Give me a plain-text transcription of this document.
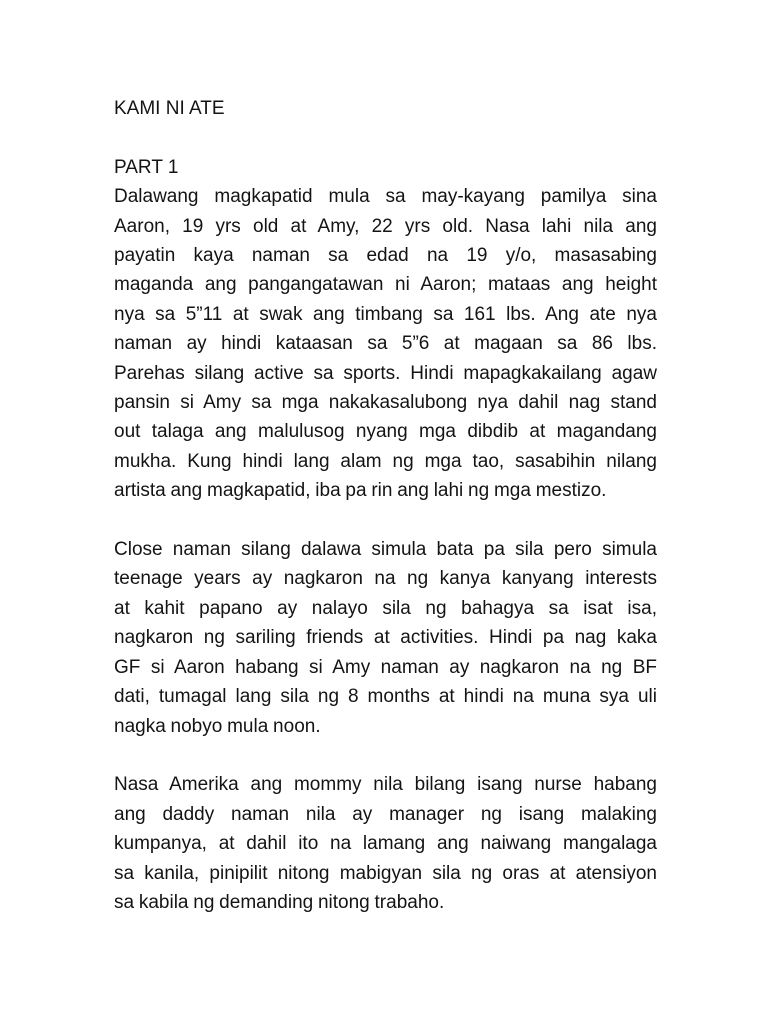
KAMI NI ATE
PART 1
Dalawang magkapatid mula sa may-kayang pamilya sina
Aaron, 19 yrs old at Amy, 22 yrs old. Nasa lahi nila ang
payatin kaya naman sa edad na 19 y/o, masasabing
maganda ang pangangatawan ni Aaron; mataas ang height
nya sa 5”11 at swak ang timbang sa 161 lbs. Ang ate nya
naman ay hindi kataasan sa 5”6 at magaan sa 86 lbs.
Parehas silang active sa sports. Hindi mapagkakailang agaw
pansin si Amy sa mga nakakasalubong nya dahil nag stand
out talaga ang malulusog nyang mga dibdib at magandang
mukha. Kung hindi lang alam ng mga tao, sasabihin nilang
artista ang magkapatid, iba pa rin ang lahi ng mga mestizo.
Close naman silang dalawa simula bata pa sila pero simula
teenage years ay nagkaron na ng kanya kanyang interests
at kahit papano ay nalayo sila ng bahagya sa isat isa,
nagkaron ng sariling friends at activities. Hindi pa nag kaka
GF si Aaron habang si Amy naman ay nagkaron na ng BF
dati, tumagal lang sila ng 8 months at hindi na muna sya uli
nagka nobyo mula noon.
Nasa Amerika ang mommy nila bilang isang nurse habang
ang daddy naman nila ay manager ng isang malaking
kumpanya, at dahil ito na lamang ang naiwang mangalaga
sa kanila, pinipilit nitong mabigyan sila ng oras at atensiyon
sa kabila ng demanding nitong trabaho.
